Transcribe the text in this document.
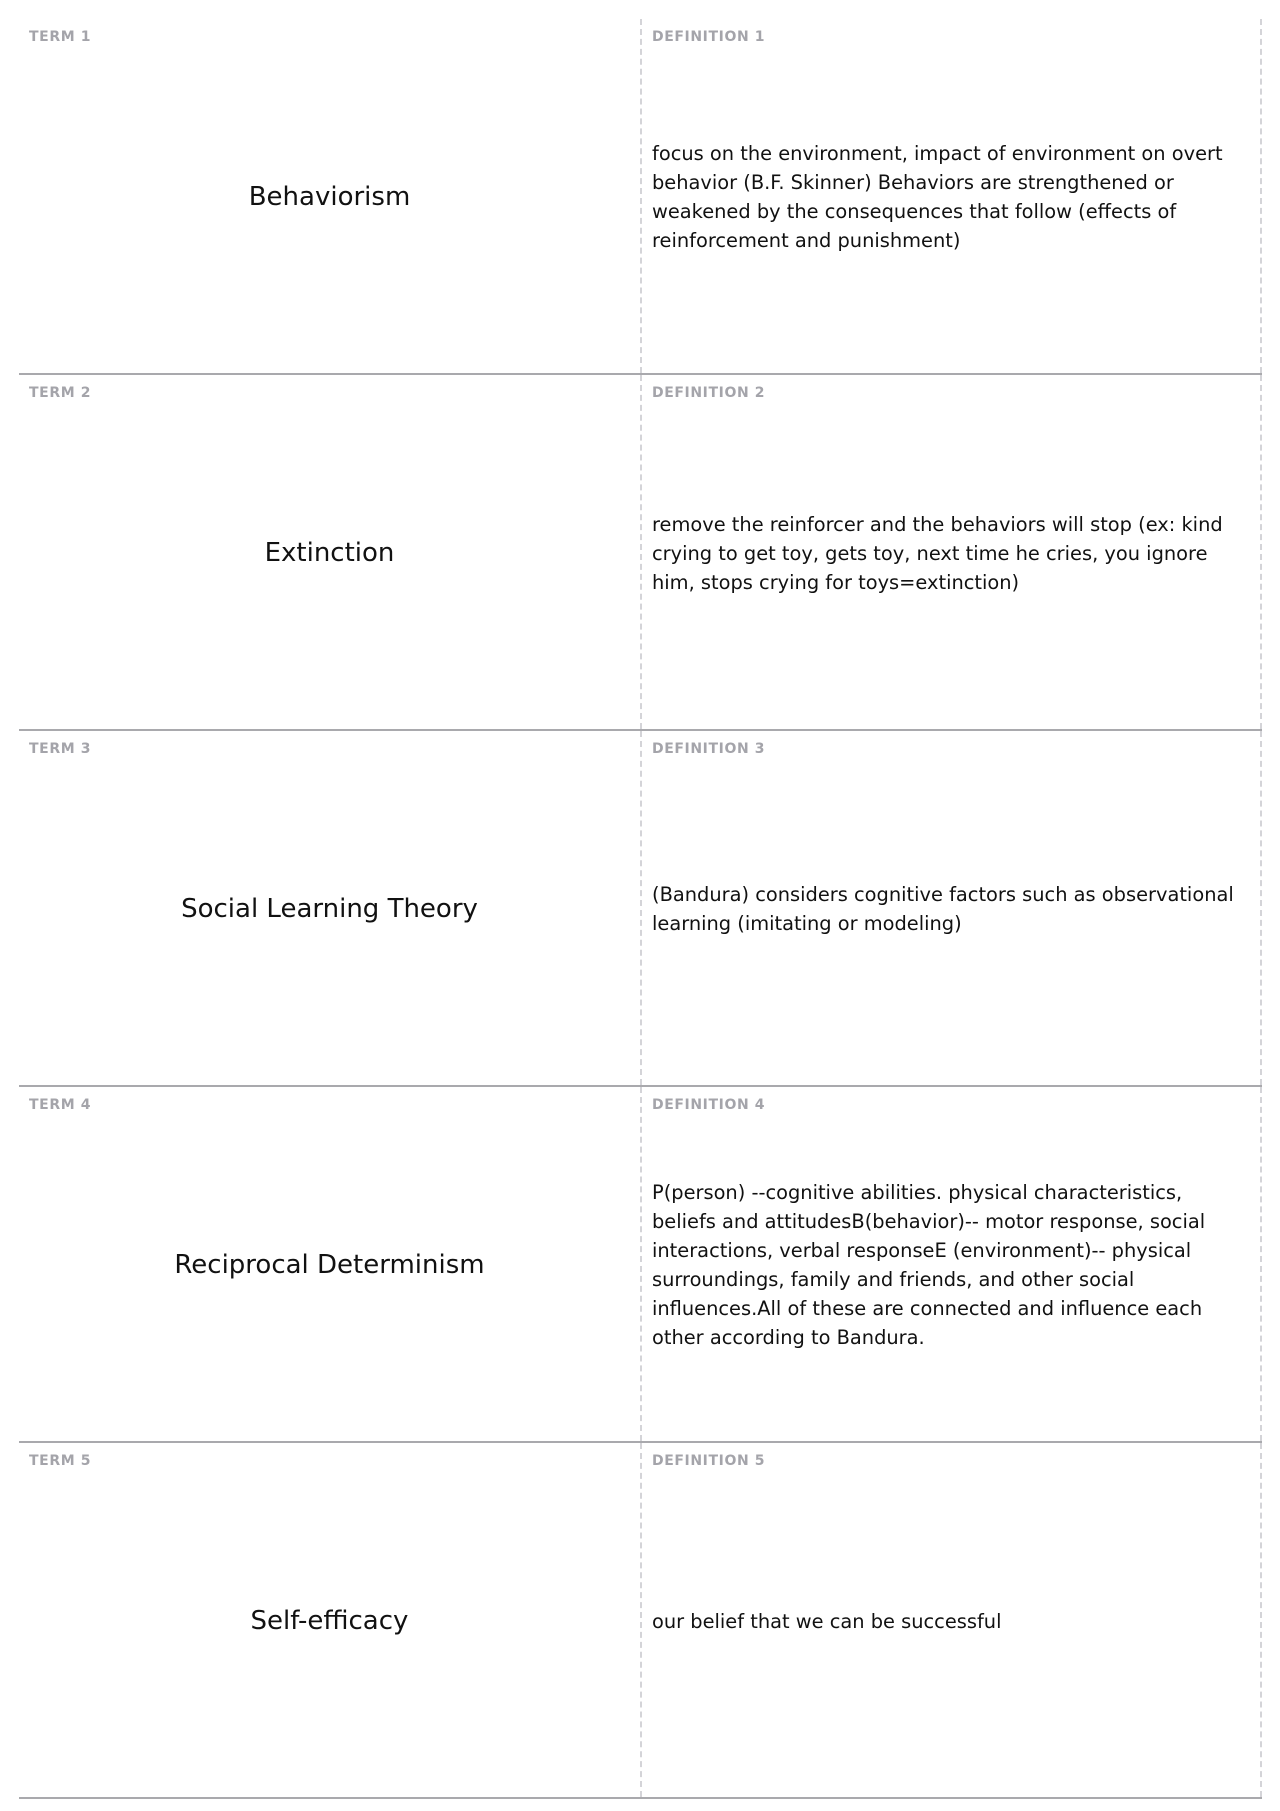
TERM 1
Behaviorism
DEFINITION 1
focus on the environment, impact of environment on overt behavior (B.F. Skinner) Behaviors are strengthened or weakened by the consequences that follow (effects of reinforcement and punishment)
TERM 2
Extinction
DEFINITION 2
remove the reinforcer and the behaviors will stop (ex: kind crying to get toy, gets toy, next time he cries, you ignore him, stops crying for toys=extinction)
TERM 3
Social Learning Theory
DEFINITION 3
(Bandura) considers cognitive factors such as observational learning (imitating or modeling)
TERM 4
Reciprocal Determinism
DEFINITION 4
P(person) --cognitive abilities. physical characteristics, beliefs and attitudesB(behavior)-- motor response, social interactions, verbal responseE (environment)-- physical surroundings, family and friends, and other social influences.All of these are connected and influence each other according to Bandura.
TERM 5
Self-efficacy
DEFINITION 5
our belief that we can be successful
